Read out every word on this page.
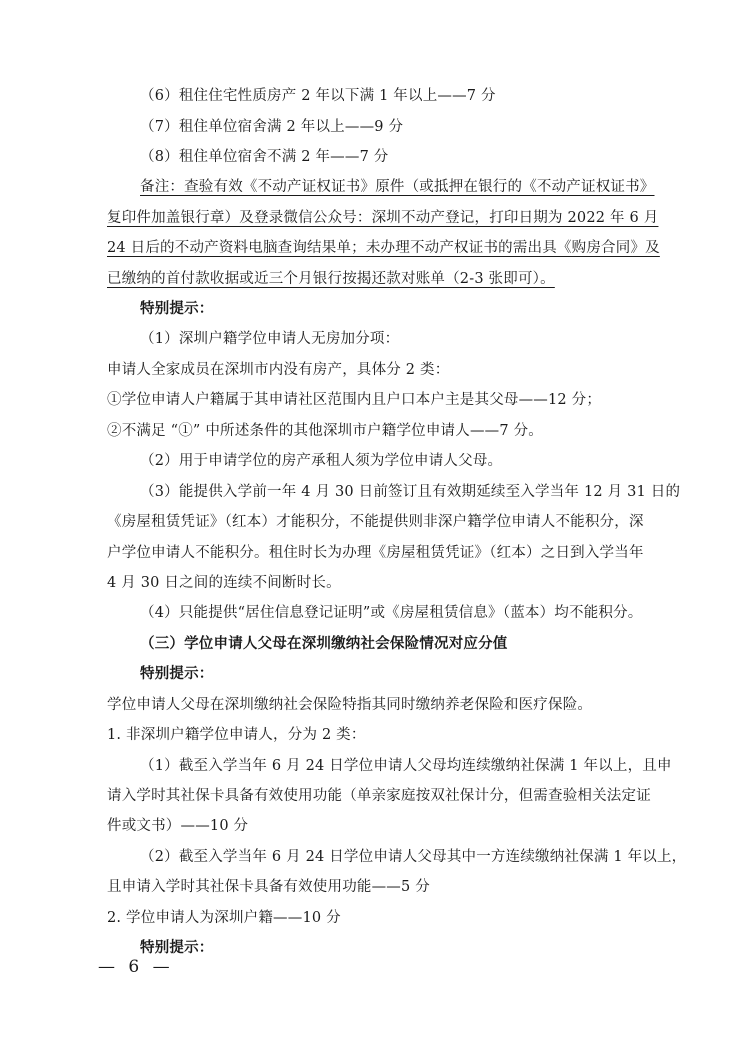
（6）租住住宅性质房产 2 年以下满 1 年以上——7 分
（7）租住单位宿舍满 2 年以上——9 分
（8）租住单位宿舍不满 2 年——7 分
备注：查验有效《不动产证权证书》原件（或抵押在银行的《不动产证权证书》
复印件加盖银行章）及登录微信公众号：深圳不动产登记，打印日期为 2022 年 6 月
24 日后的不动产资料电脑查询结果单；未办理不动产权证书的需出具《购房合同》及
已缴纳的首付款收据或近三个月银行按揭还款对账单（2-3 张即可）。
特别提示：
（1）深圳户籍学位申请人无房加分项：
申请人全家成员在深圳市内没有房产，具体分 2 类：
①学位申请人户籍属于其申请社区范围内且户口本户主是其父母——12 分；
②不满足 “①” 中所述条件的其他深圳市户籍学位申请人——7 分。
（2）用于申请学位的房产承租人须为学位申请人父母。
（3）能提供入学前一年 4 月 30 日前签订且有效期延续至入学当年 12 月 31 日的
《房屋租赁凭证》（红本）才能积分，不能提供则非深户籍学位申请人不能积分，深
户学位申请人不能积分。租住时长为办理《房屋租赁凭证》（红本）之日到入学当年
4 月 30 日之间的连续不间断时长。
（4）只能提供“居住信息登记证明”或《房屋租赁信息》（蓝本）均不能积分。
（三）学位申请人父母在深圳缴纳社会保险情况对应分值
特别提示：
学位申请人父母在深圳缴纳社会保险特指其同时缴纳养老保险和医疗保险。
1. 非深圳户籍学位申请人，分为 2 类：
（1）截至入学当年 6 月 24 日学位申请人父母均连续缴纳社保满 1 年以上，且申
请入学时其社保卡具备有效使用功能（单亲家庭按双社保计分，但需查验相关法定证
件或文书）——10 分
（2）截至入学当年 6 月 24 日学位申请人父母其中一方连续缴纳社保满 1 年以上，
且申请入学时其社保卡具备有效使用功能——5 分
2. 学位申请人为深圳户籍——10 分
特别提示：
— 6 —
